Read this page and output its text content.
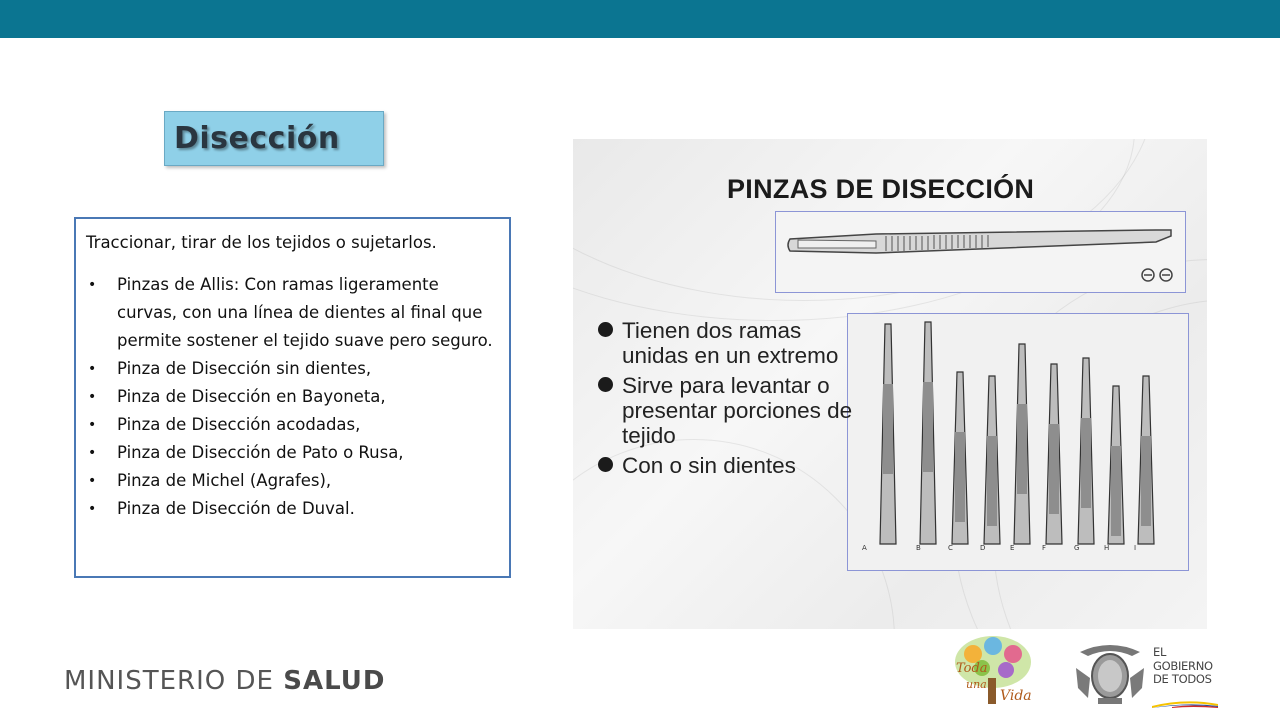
Disección

Traccionar, tirar de los tejidos o sujetarlos.

• Pinzas de Allis: Con ramas ligeramente curvas, con una línea de dientes al final que permite sostener el tejido suave pero seguro.
• Pinza de Disección sin dientes,
• Pinza de Disección en Bayoneta,
• Pinza de Disección acodadas,
• Pinza de Disección de Pato o Rusa,
• Pinza de Michel (Agrafes),
• Pinza de Disección de Duval.
PINZAS DE DISECCIÓN
A	B	C	D	E	F	G	H	I
Tienen dos ramas unidas en un extremo
Sirve para levantar o presentar porciones de tejido
Con o sin dientes
MINISTERIO DE SALUD	Toda
una
Vida
EL
GOBIERNO
DE TODOS
